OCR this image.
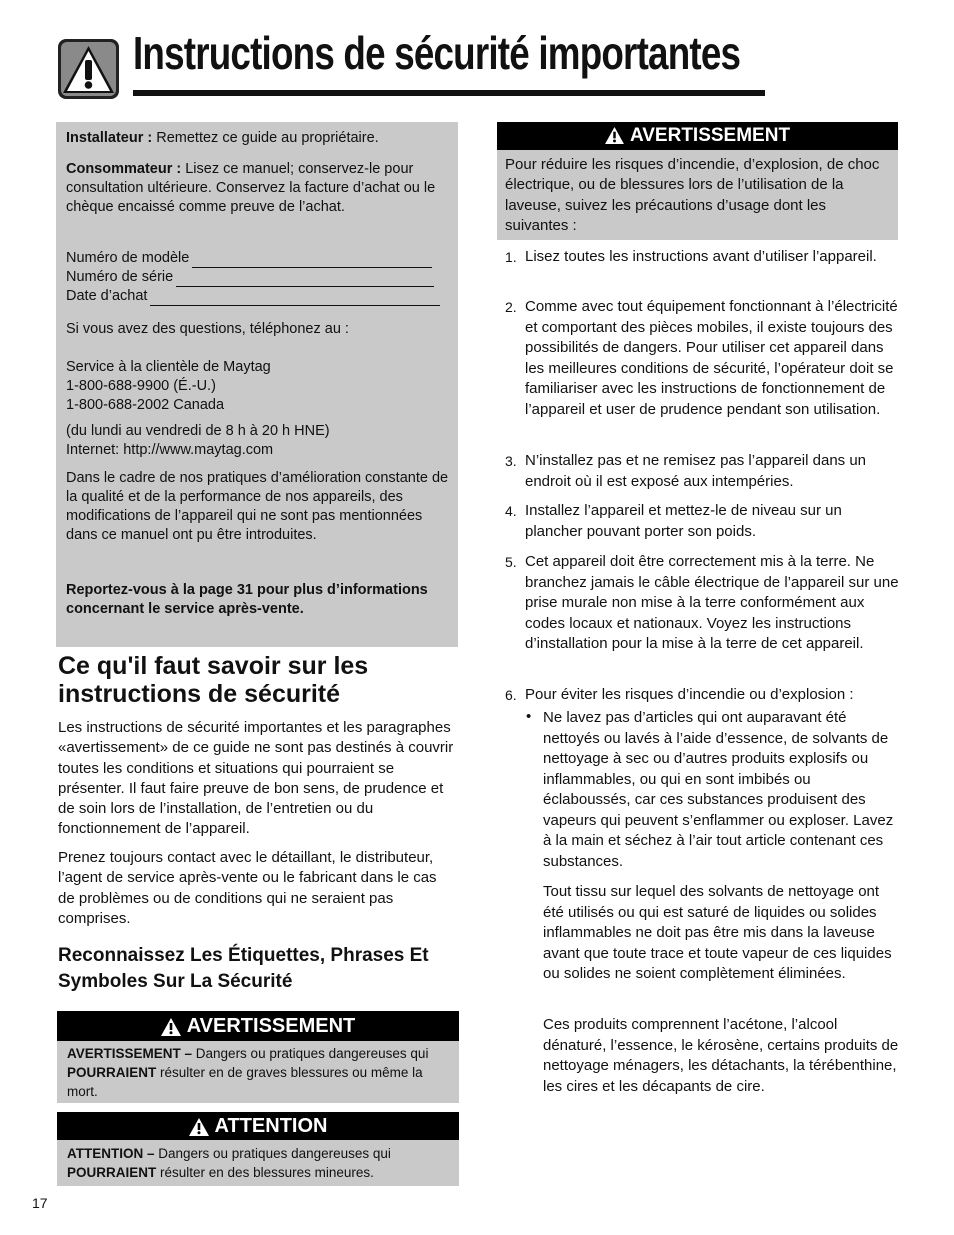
Instructions de sécurité importantes
Installateur : Remettez ce guide au propriétaire.
Consommateur : Lisez ce manuel; conservez-le pour consultation ultérieure. Conservez la facture d’achat ou le chèque encaissé comme preuve de l’achat.
Numéro de modèle
Numéro de série
Date d’achat
Si vous avez des questions, téléphonez au :
Service à la clientèle de Maytag
1-800-688-9900 (É.-U.)
1-800-688-2002 Canada
(du lundi au vendredi de 8 h à 20 h HNE)
Internet: http://www.maytag.com
Dans le cadre de nos pratiques d’amélioration constante de la qualité et de la performance de nos appareils, des modifications de l’appareil qui ne sont pas mentionnées dans ce manuel ont pu être introduites.
Reportez-vous à la page 31 pour plus d’informations concernant le service après-vente.
Ce qu'il faut savoir sur les instructions de sécurité
Les instructions de sécurité importantes et les paragraphes «avertissement» de ce guide ne sont pas destinés à couvrir toutes les conditions et situations qui pourraient se présenter. Il faut faire preuve de bon sens, de prudence et de soin lors de l’installation, de l’entretien ou du fonctionnement de l’appareil.
Prenez toujours contact avec le détaillant, le distributeur, l’agent de service après-vente ou le fabricant dans le cas de problèmes ou de conditions qui ne seraient pas comprises.
Reconnaissez Les Étiquettes, Phrases Et Symboles Sur La Sécurité
AVERTISSEMENT
AVERTISSEMENT – Dangers ou pratiques dangereuses qui POURRAIENT résulter en de graves blessures ou même la mort.
ATTENTION
ATTENTION – Dangers ou pratiques dangereuses qui POURRAIENT résulter en des blessures mineures.
AVERTISSEMENT
Pour réduire les risques d’incendie, d’explosion, de choc électrique, ou de blessures lors de l’utilisation de la laveuse, suivez les précautions d’usage dont les suivantes :
1. Lisez toutes les instructions avant d’utiliser l’appareil.
2. Comme avec tout équipement fonctionnant à l’électricité et comportant des pièces mobiles, il existe toujours des possibilités de dangers. Pour utiliser cet appareil dans les meilleures conditions de sécurité, l’opérateur doit se familiariser avec les instructions de fonctionnement de l’appareil et user de prudence pendant son utilisation.
3. N’installez pas et ne remisez pas l’appareil dans un endroit où il est exposé aux intempéries.
4. Installez l’appareil et mettez-le de niveau sur un plancher pouvant porter son poids.
5. Cet appareil doit être correctement mis à la terre. Ne branchez jamais le câble électrique de l’appareil sur une prise murale non mise à la terre conformément aux codes locaux et nationaux. Voyez les instructions d’installation pour la mise à la terre de cet appareil.
6. Pour éviter les risques d’incendie ou d’explosion :
• Ne lavez pas d’articles qui ont auparavant été nettoyés ou lavés à l’aide d’essence, de solvants de nettoyage à sec ou d’autres produits explosifs ou inflammables, ou qui en sont imbibés ou éclaboussés, car ces substances produisent des vapeurs qui peuvent s’enflammer ou exploser. Lavez à la main et séchez à l’air tout article contenant ces substances.
Tout tissu sur lequel des solvants de nettoyage ont été utilisés ou qui est saturé de liquides ou solides inflammables ne doit pas être mis dans la laveuse avant que toute trace et toute vapeur de ces liquides ou solides ne soient complètement éliminées.
Ces produits comprennent l’acétone, l’alcool dénaturé, l’essence, le kérosène, certains produits de nettoyage ménagers, les détachants, la térébenthine, les cires et les décapants de cire.
17
